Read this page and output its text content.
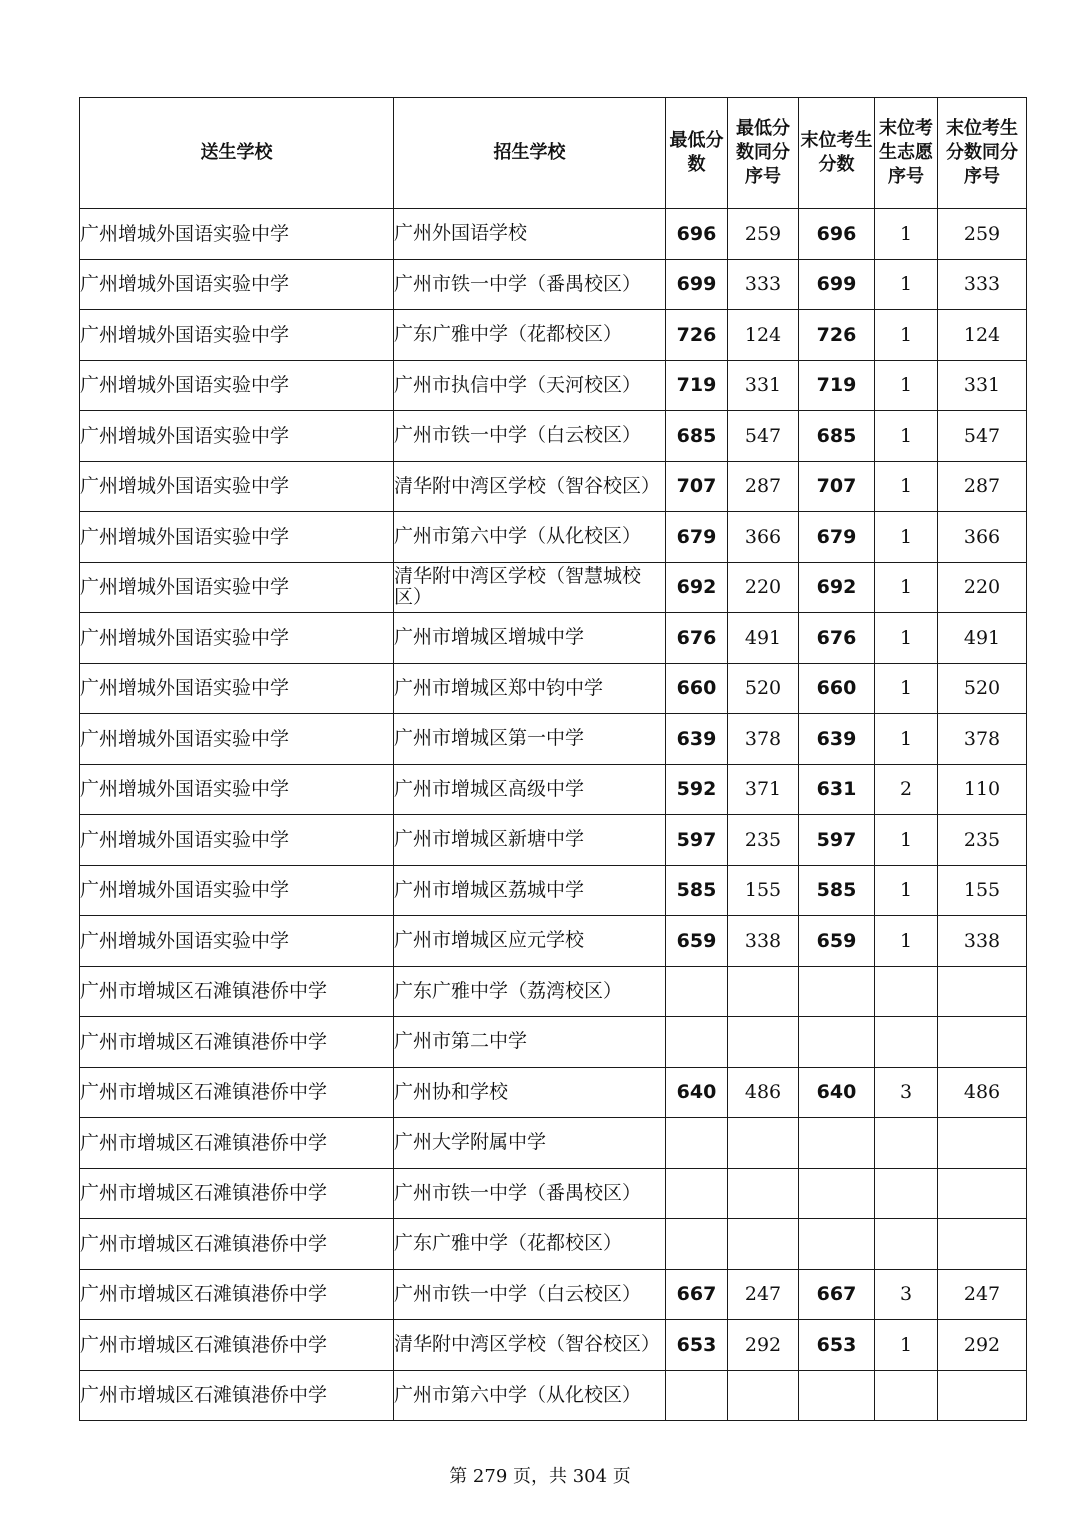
送生学校	招生学校	最低分数	最低分数同分序号	末位考生分数	末位考生志愿序号	末位考生分数同分序号
广州增城外国语实验中学	广州外国语学校	696	259	696	1	259
广州增城外国语实验中学	广州市铁一中学（番禺校区）	699	333	699	1	333
广州增城外国语实验中学	广东广雅中学（花都校区）	726	124	726	1	124
广州增城外国语实验中学	广州市执信中学（天河校区）	719	331	719	1	331
广州增城外国语实验中学	广州市铁一中学（白云校区）	685	547	685	1	547
广州增城外国语实验中学	清华附中湾区学校（智谷校区）	707	287	707	1	287
广州增城外国语实验中学	广州市第六中学（从化校区）	679	366	679	1	366
广州增城外国语实验中学	清华附中湾区学校（智慧城校区）	692	220	692	1	220
广州增城外国语实验中学	广州市增城区增城中学	676	491	676	1	491
广州增城外国语实验中学	广州市增城区郑中钧中学	660	520	660	1	520
广州增城外国语实验中学	广州市增城区第一中学	639	378	639	1	378
广州增城外国语实验中学	广州市增城区高级中学	592	371	631	2	110
广州增城外国语实验中学	广州市增城区新塘中学	597	235	597	1	235
广州增城外国语实验中学	广州市增城区荔城中学	585	155	585	1	155
广州增城外国语实验中学	广州市增城区应元学校	659	338	659	1	338
广州市增城区石滩镇港侨中学	广东广雅中学（荔湾校区）					
广州市增城区石滩镇港侨中学	广州市第二中学					
广州市增城区石滩镇港侨中学	广州协和学校	640	486	640	3	486
广州市增城区石滩镇港侨中学	广州大学附属中学					
广州市增城区石滩镇港侨中学	广州市铁一中学（番禺校区）					
广州市增城区石滩镇港侨中学	广东广雅中学（花都校区）					
广州市增城区石滩镇港侨中学	广州市铁一中学（白云校区）	667	247	667	3	247
广州市增城区石滩镇港侨中学	清华附中湾区学校（智谷校区）	653	292	653	1	292
广州市增城区石滩镇港侨中学	广州市第六中学（从化校区）					
第 279 页，共 304 页
